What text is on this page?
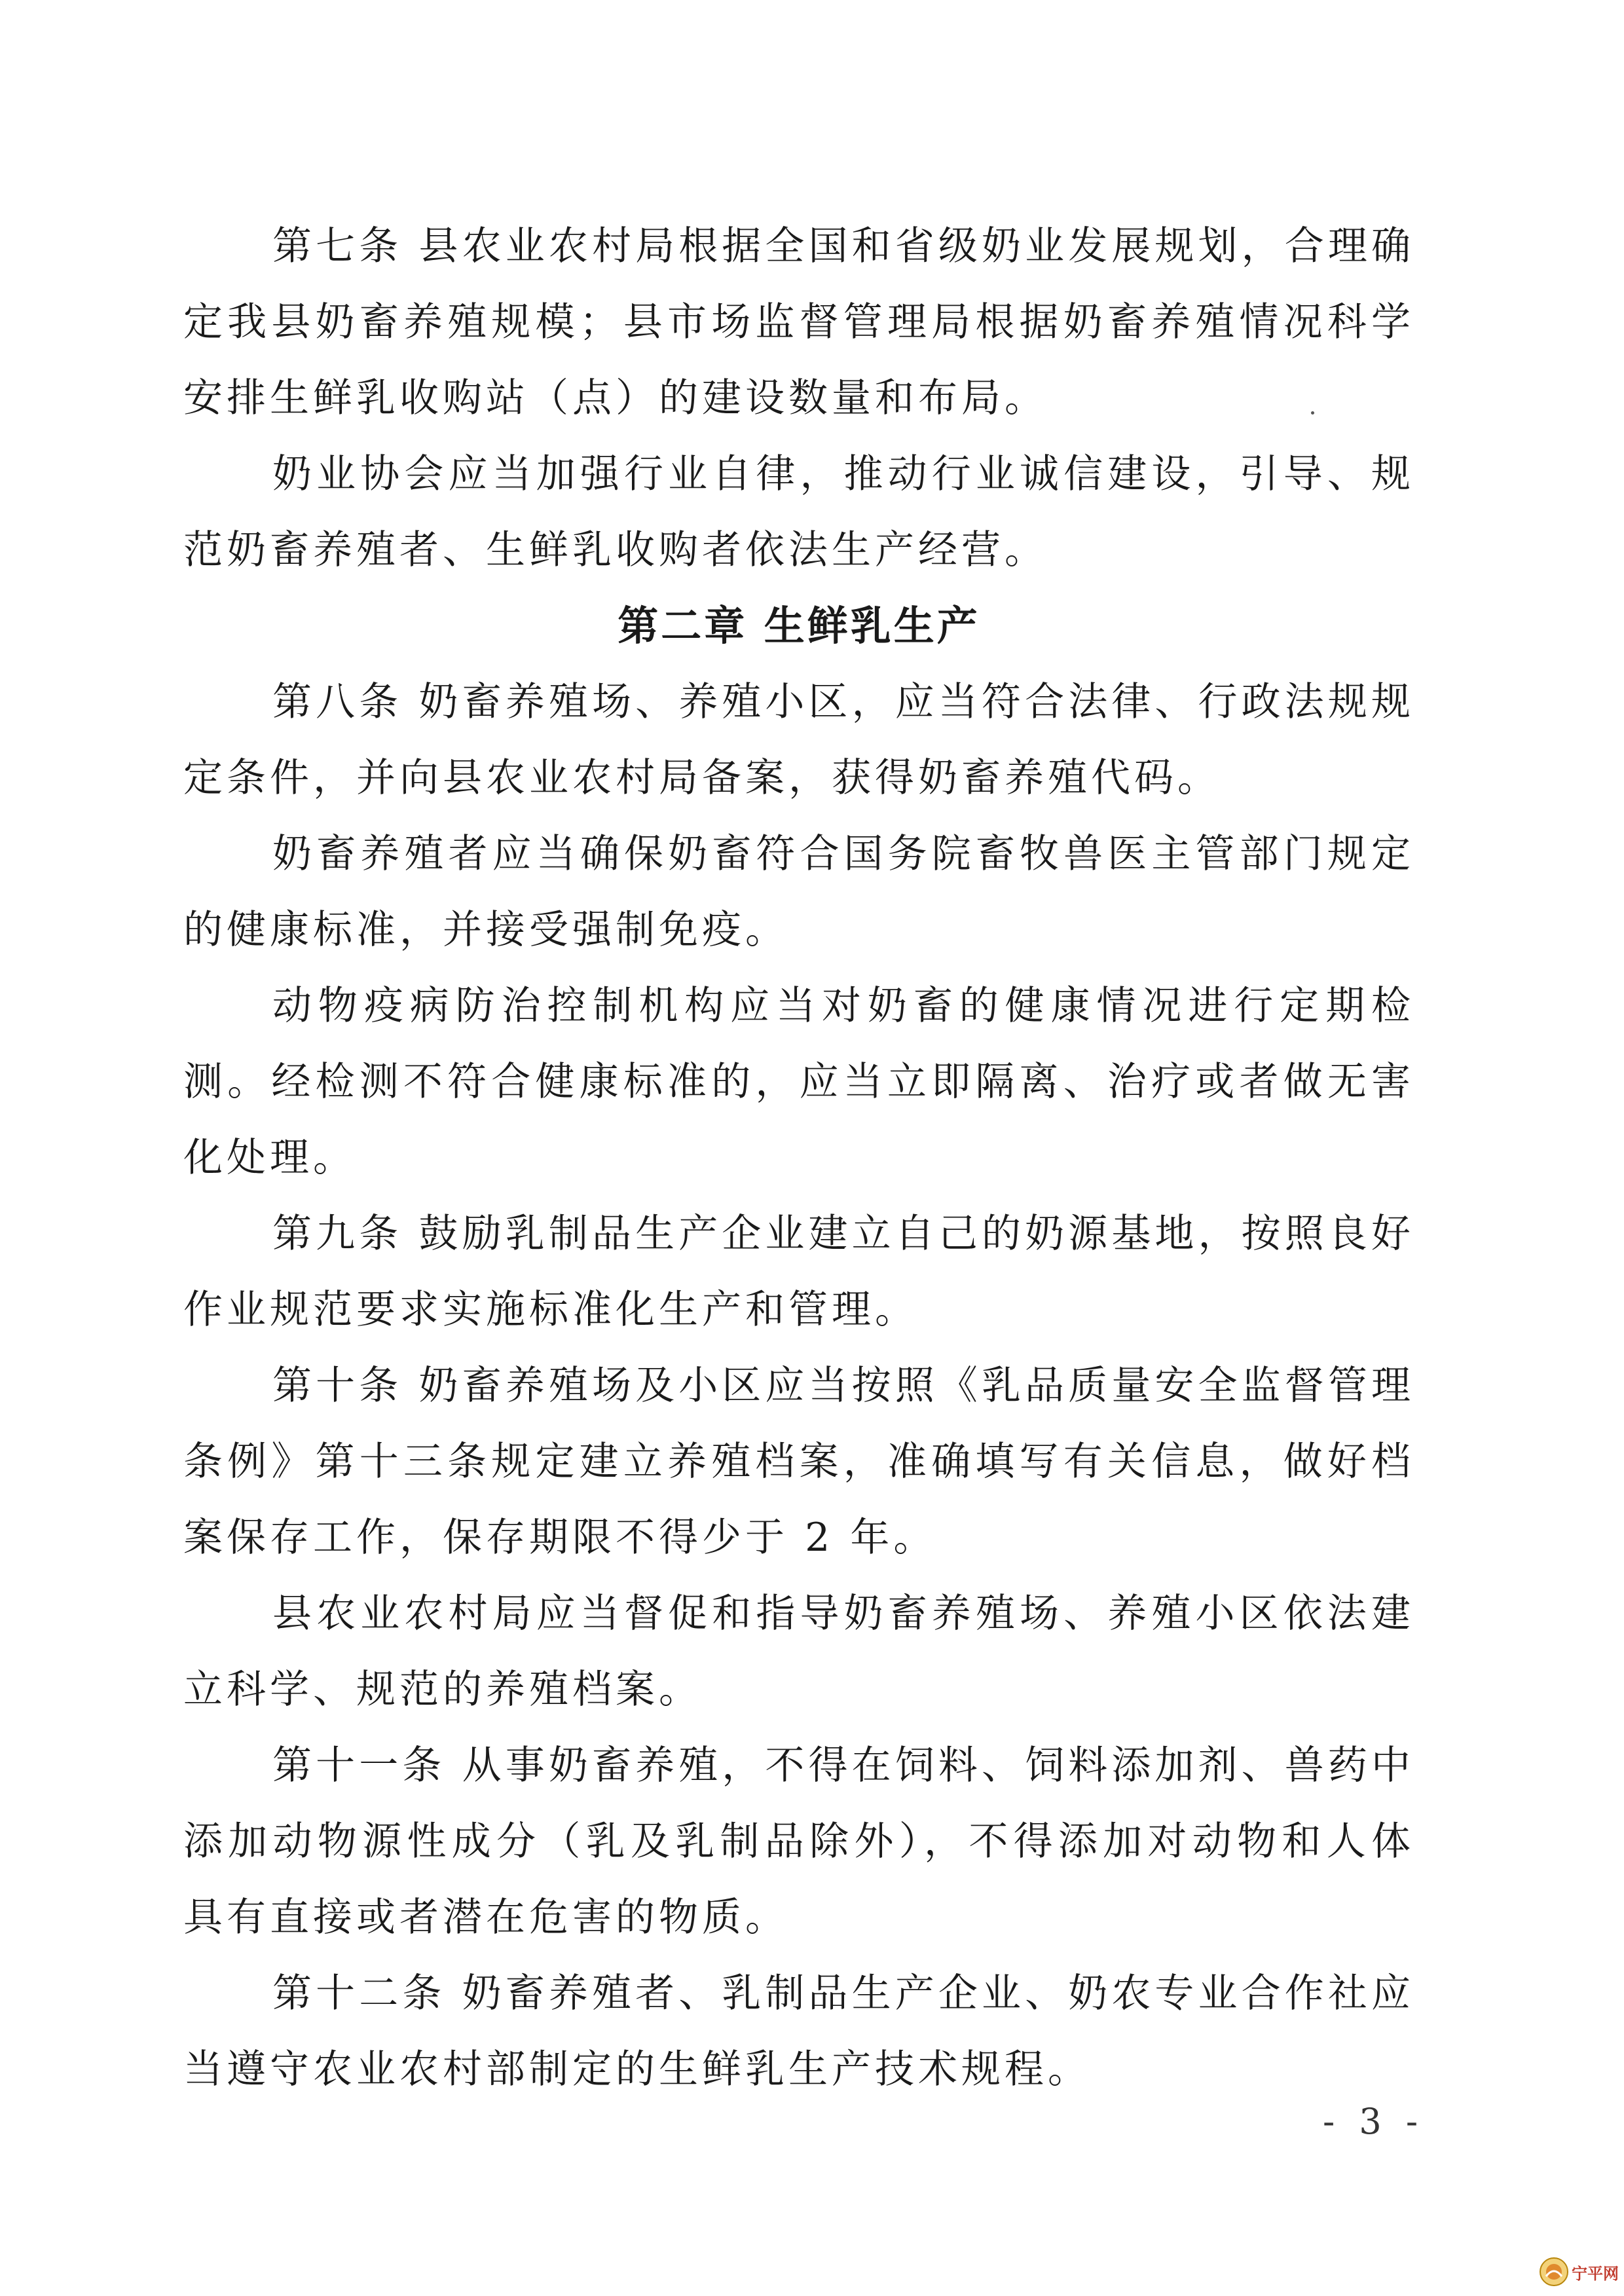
第七条 县农业农村局根据全国和省级奶业发展规划，合理确定我县奶畜养殖规模；县市场监督管理局根据奶畜养殖情况科学安排生鲜乳收购站（点）的建设数量和布局。

奶业协会应当加强行业自律，推动行业诚信建设，引导、规范奶畜养殖者、生鲜乳收购者依法生产经营。

第二章 生鲜乳生产

第八条 奶畜养殖场、养殖小区，应当符合法律、行政法规规定条件，并向县农业农村局备案，获得奶畜养殖代码。

奶畜养殖者应当确保奶畜符合国务院畜牧兽医主管部门规定的健康标准，并接受强制免疫。

动物疫病防治控制机构应当对奶畜的健康情况进行定期检测。经检测不符合健康标准的，应当立即隔离、治疗或者做无害化处理。

第九条 鼓励乳制品生产企业建立自己的奶源基地，按照良好作业规范要求实施标准化生产和管理。

第十条 奶畜养殖场及小区应当按照《乳品质量安全监督管理条例》第十三条规定建立养殖档案，准确填写有关信息，做好档案保存工作，保存期限不得少于 2 年。

县农业农村局应当督促和指导奶畜养殖场、养殖小区依法建立科学、规范的养殖档案。

第十一条 从事奶畜养殖，不得在饲料、饲料添加剂、兽药中添加动物源性成分（乳及乳制品除外），不得添加对动物和人体具有直接或者潜在危害的物质。

第十二条 奶畜养殖者、乳制品生产企业、奶农专业合作社应当遵守农业农村部制定的生鲜乳生产技术规程。

- 3 -
宁平网
